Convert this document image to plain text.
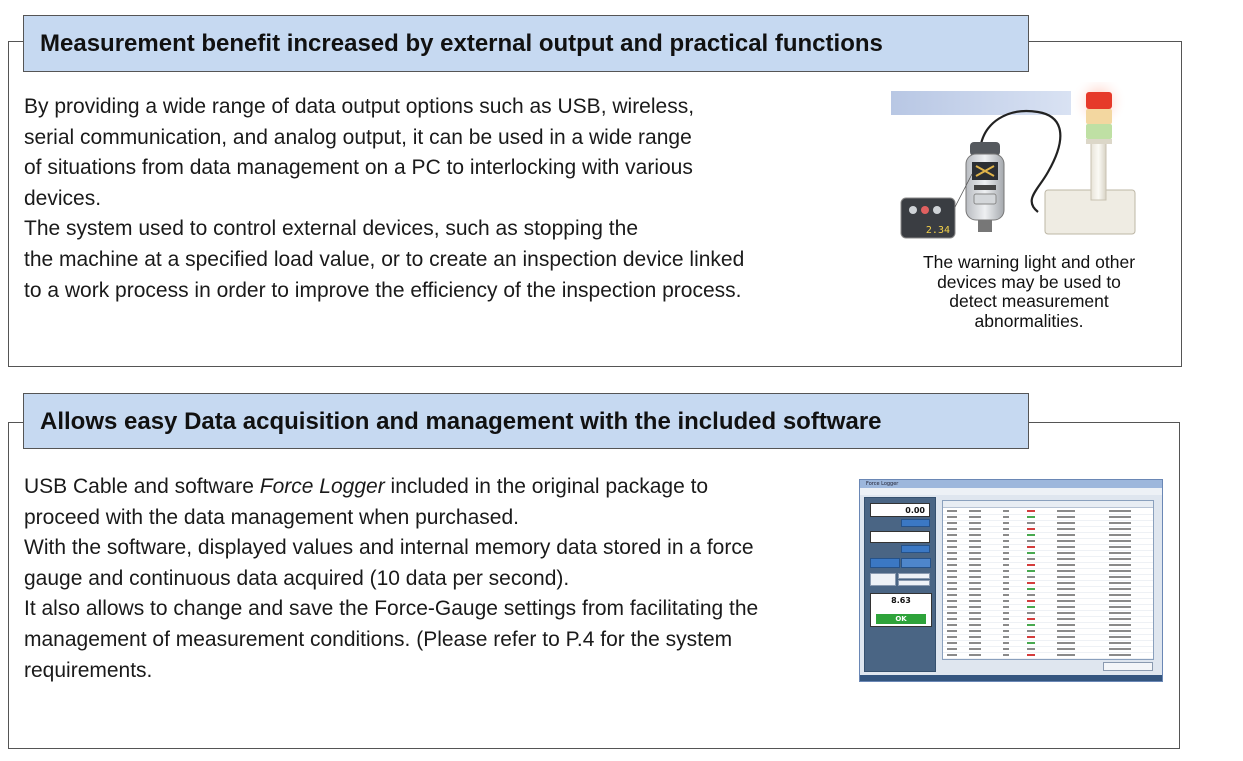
Measurement benefit increased by external output and practical functions

By providing a wide range of data output options such as USB, wireless,

serial communication, and analog output, it can be used in a wide range

of situations from data management on a PC to interlocking with various

devices.

The system used to control external devices, such as stopping the

the machine at a specified load value, or to create an inspection device linked

to a work process in order to improve the efficiency of the inspection process.

2.34
The warning light and other
devices may be used to
detect measurement
abnormalities.
Allows easy Data acquisition and management with the included software

USB Cable and software Force Logger included in the original package to

proceed with the data management when purchased.

With the software, displayed values and internal memory data stored in a force

gauge and continuous data acquired (10 data per second).

It also allows to change and save the Force-Gauge settings from facilitating the

management of measurement conditions. (Please refer to P.4 for the system

requirements.

Force Logger
0.00
8.63
OK
